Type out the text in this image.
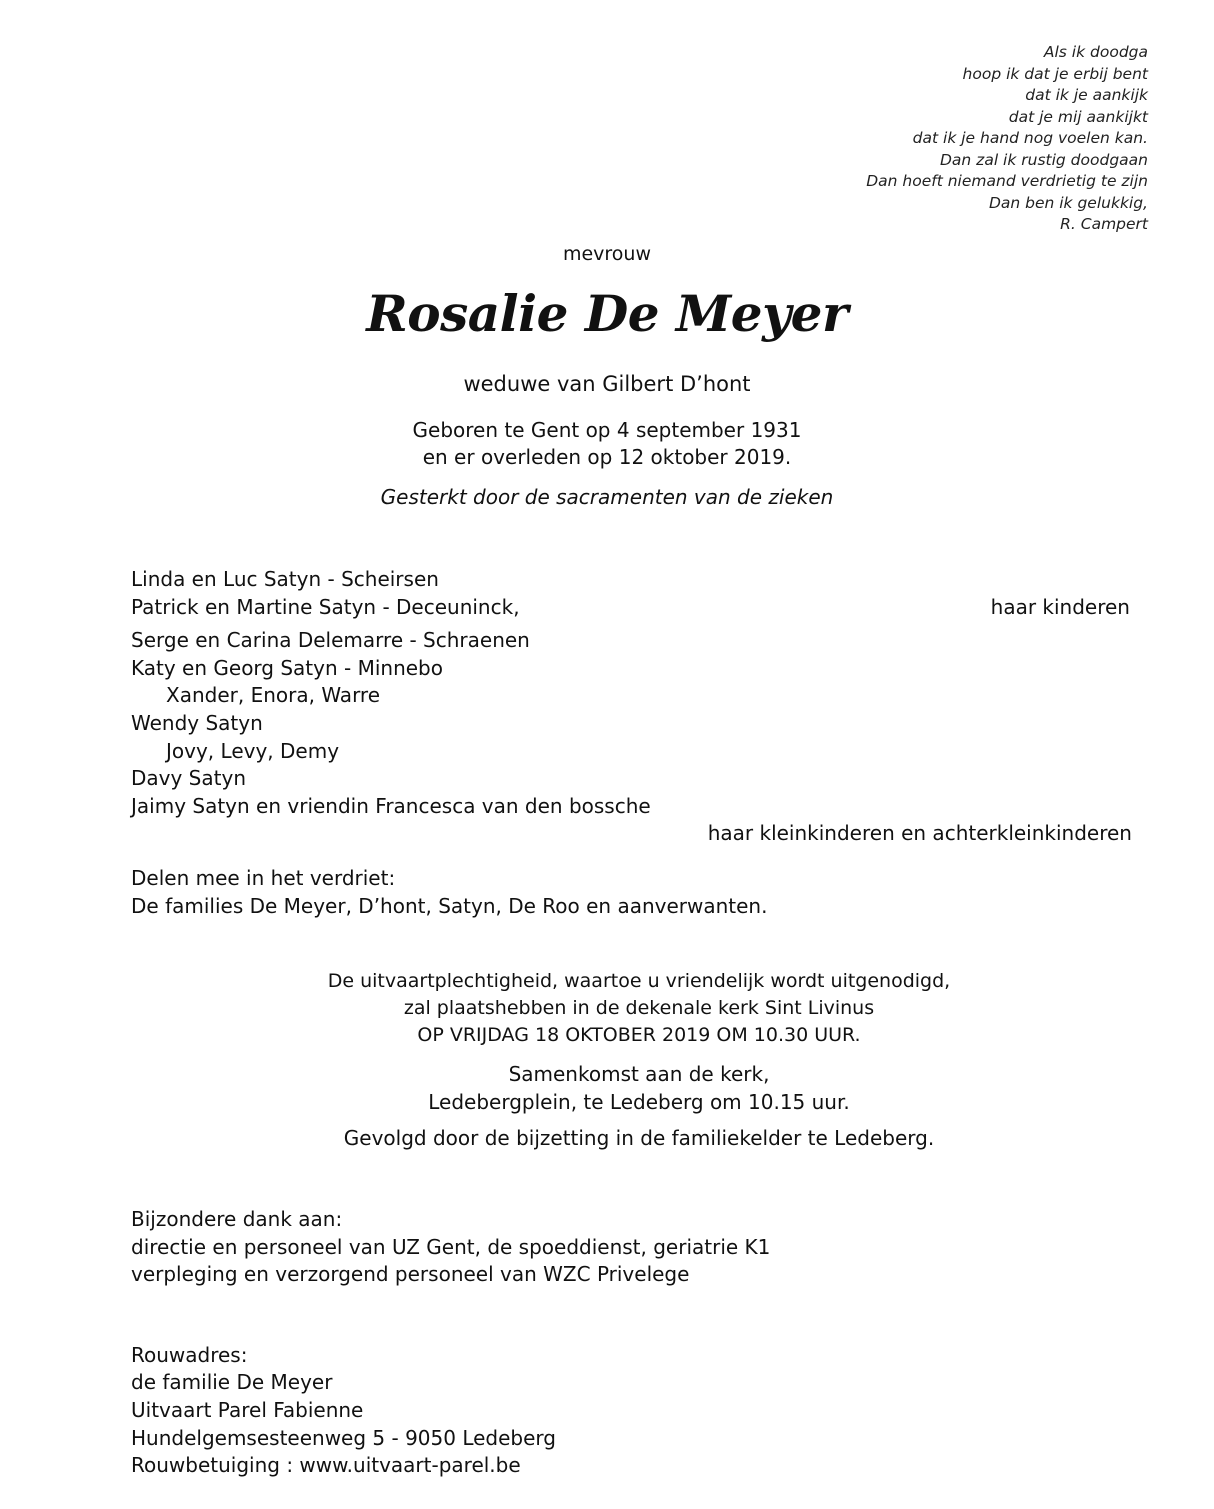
Als ik doodga
hoop ik dat je erbij bent
dat ik je aankijk
dat je mij aankijkt
dat ik je hand nog voelen kan.
Dan zal ik rustig doodgaan
Dan hoeft niemand verdrietig te zijn
Dan ben ik gelukkig,
R. Campert
mevrouw
Rosalie De Meyer
weduwe van Gilbert D’hont
Geboren te Gent op 4 september 1931
en er overleden op 12 oktober 2019.
Gesterkt door de sacramenten van de zieken
Linda en Luc Satyn - Scheirsen
Patrick en Martine Satyn - Deceuninck,	haar kinderen
Serge en Carina Delemarre - Schraenen
Katy en Georg Satyn - Minnebo
Xander, Enora, Warre
Wendy Satyn
Jovy, Levy, Demy
Davy Satyn
Jaimy Satyn en vriendin Francesca van den bossche
haar kleinkinderen en achterkleinkinderen
Delen mee in het verdriet:
De families De Meyer, D’hont, Satyn, De Roo en aanverwanten.
De uitvaartplechtigheid, waartoe u vriendelijk wordt uitgenodigd,
zal plaatshebben in de dekenale kerk Sint Livinus
OP VRIJDAG 18 OKTOBER 2019 OM 10.30 UUR.
Samenkomst aan de kerk,
Ledebergplein, te Ledeberg om 10.15 uur.
Gevolgd door de bijzetting in de familiekelder te Ledeberg.
Bijzondere dank aan:
directie en personeel van UZ Gent, de spoeddienst, geriatrie K1
verpleging en verzorgend personeel van WZC Privelege
Rouwadres:
de familie De Meyer
Uitvaart Parel Fabienne
Hundelgemsesteenweg 5 - 9050 Ledeberg
Rouwbetuiging : www.uitvaart-parel.be
